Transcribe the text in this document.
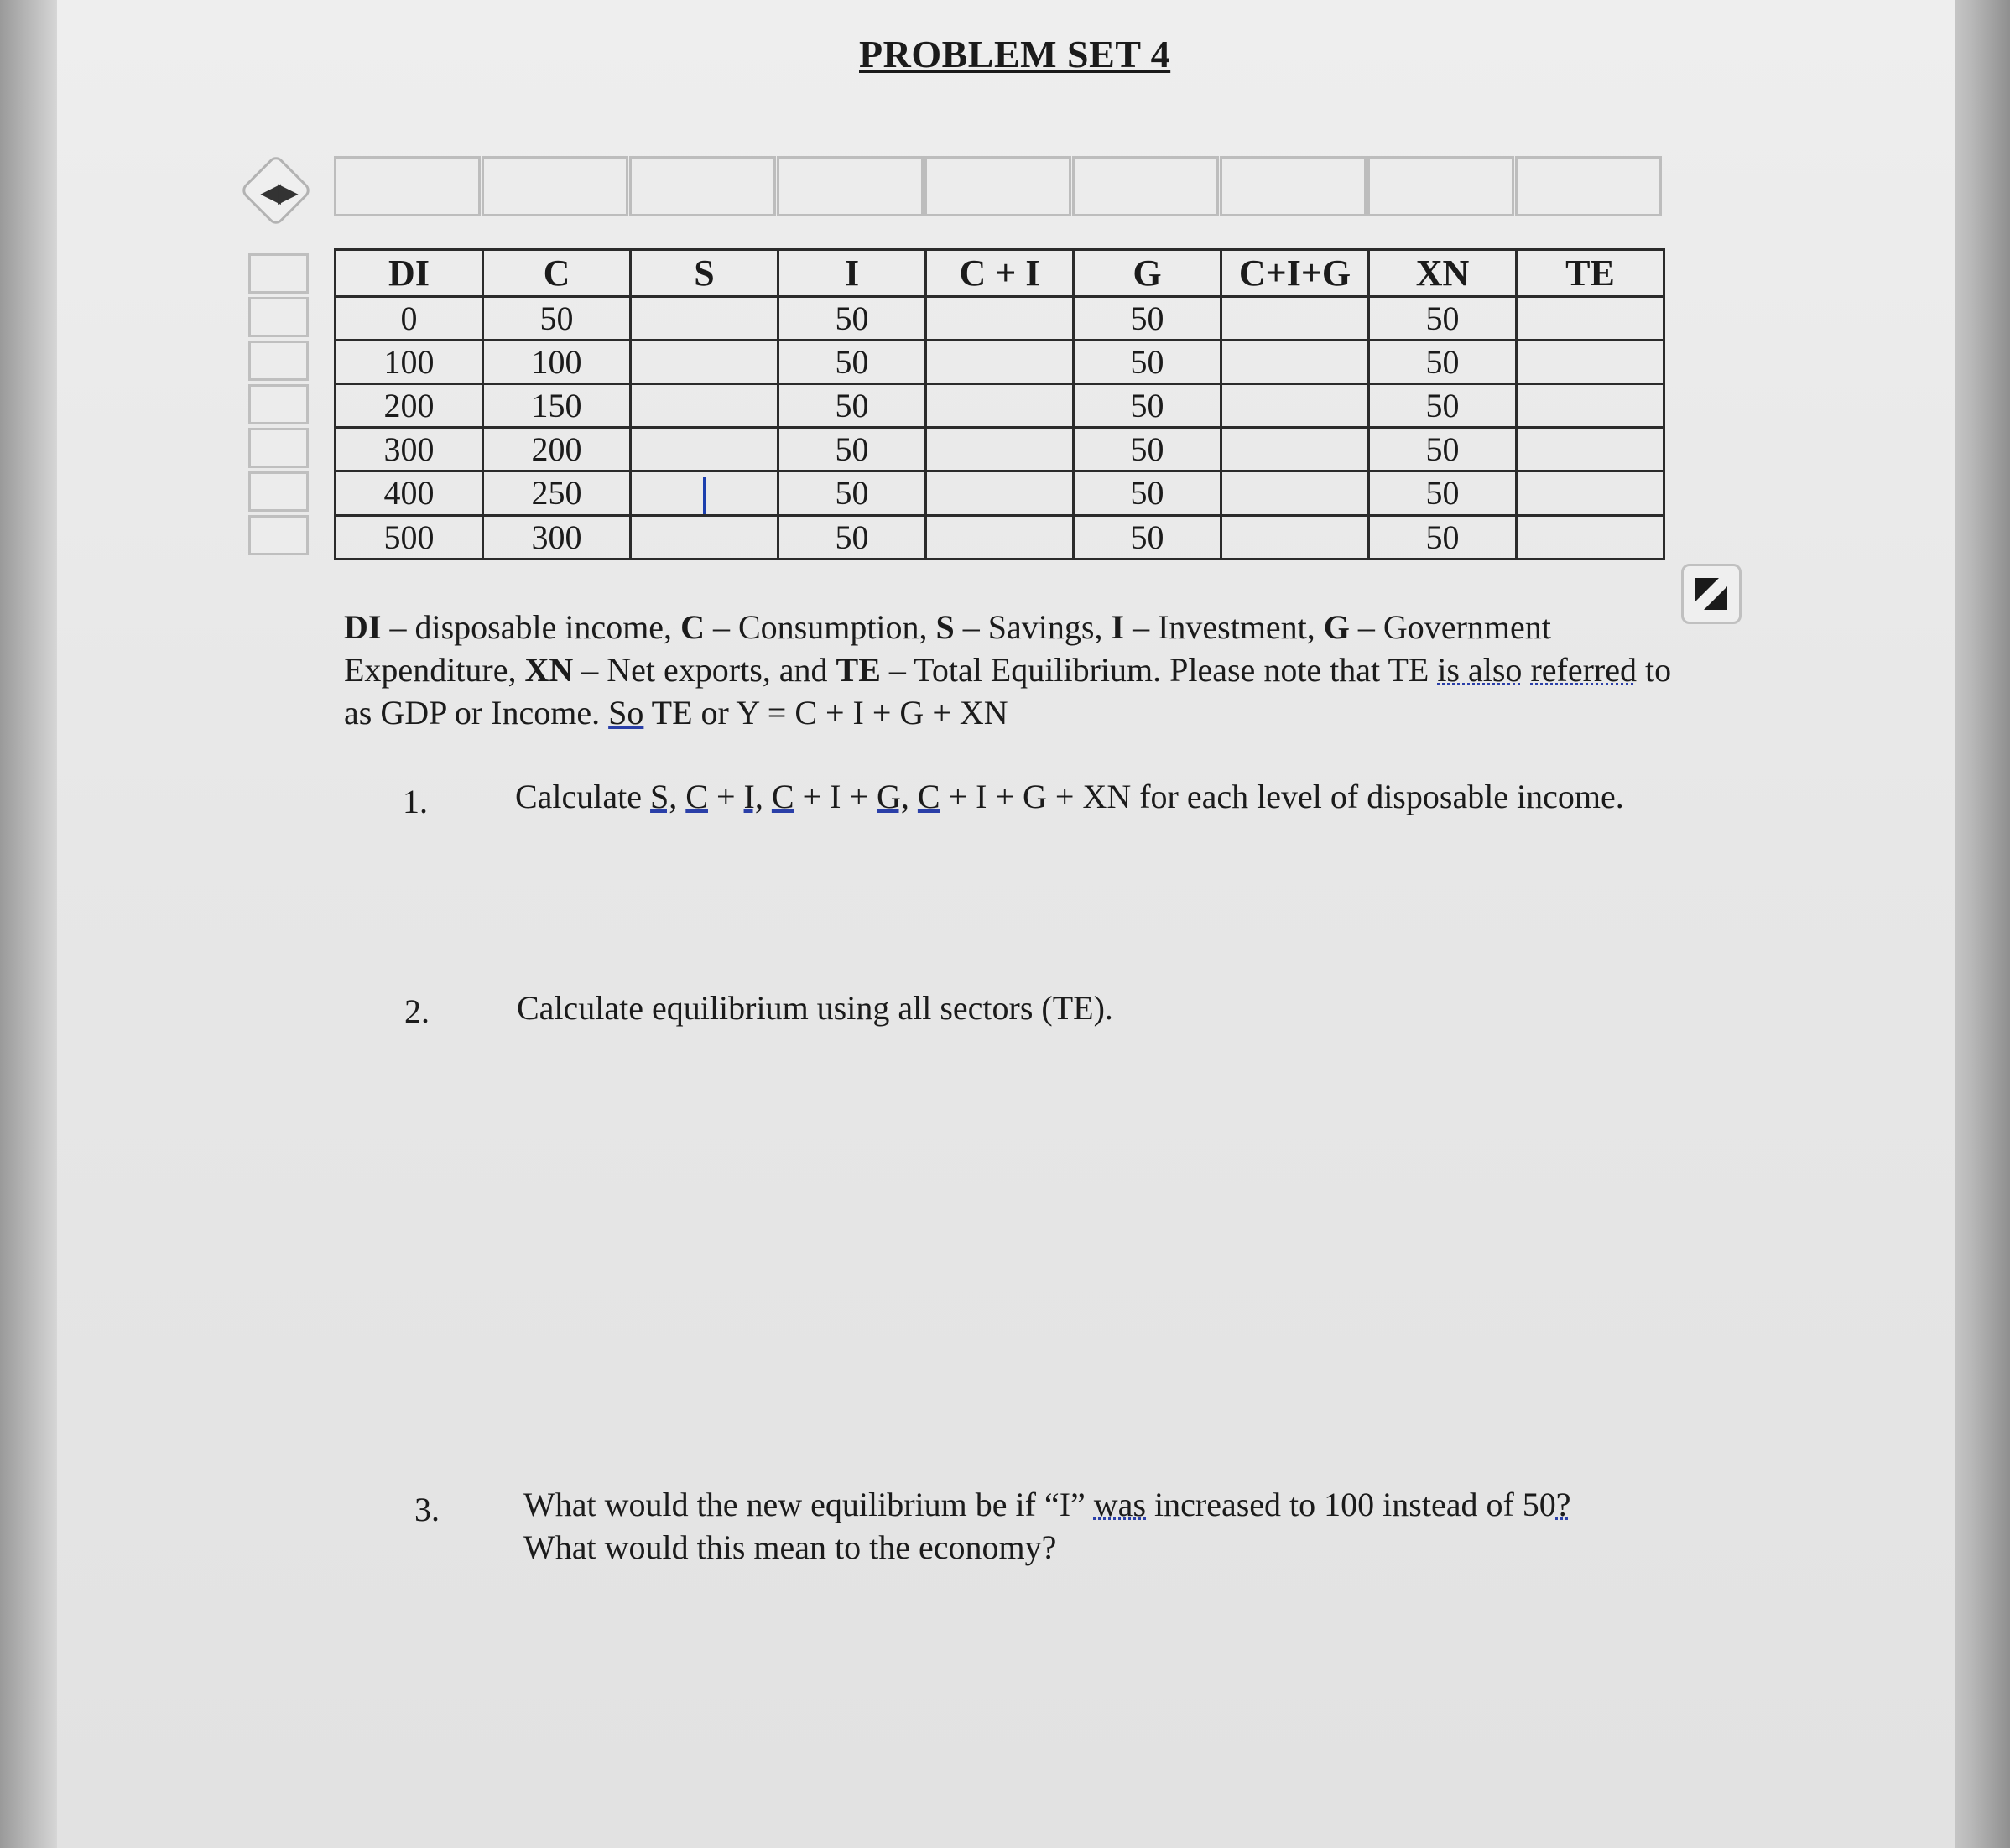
PROBLEM SET 4
◀▶
DI	C	S	I	C + I	G	C+I+G	XN	TE
0	50		50		50		50	
100	100		50		50		50	
200	150		50		50		50	
300	200		50		50		50	
400	250		50		50		50	
500	300		50		50		50	
DI – disposable income, C – Consumption, S – Savings, I – Investment, G – Government Expenditure, XN – Net exports, and TE – Total Equilibrium. Please note that TE is also referred to as GDP or Income. So TE or Y = C + I + G + XN
1.	Calculate S, C + I, C + I + G, C + I + G + XN for each level of disposable income.
2.	Calculate equilibrium using all sectors (TE).
3.	What would the new equilibrium be if “I” was increased to 100 instead of 50?
What would this mean to the economy?
